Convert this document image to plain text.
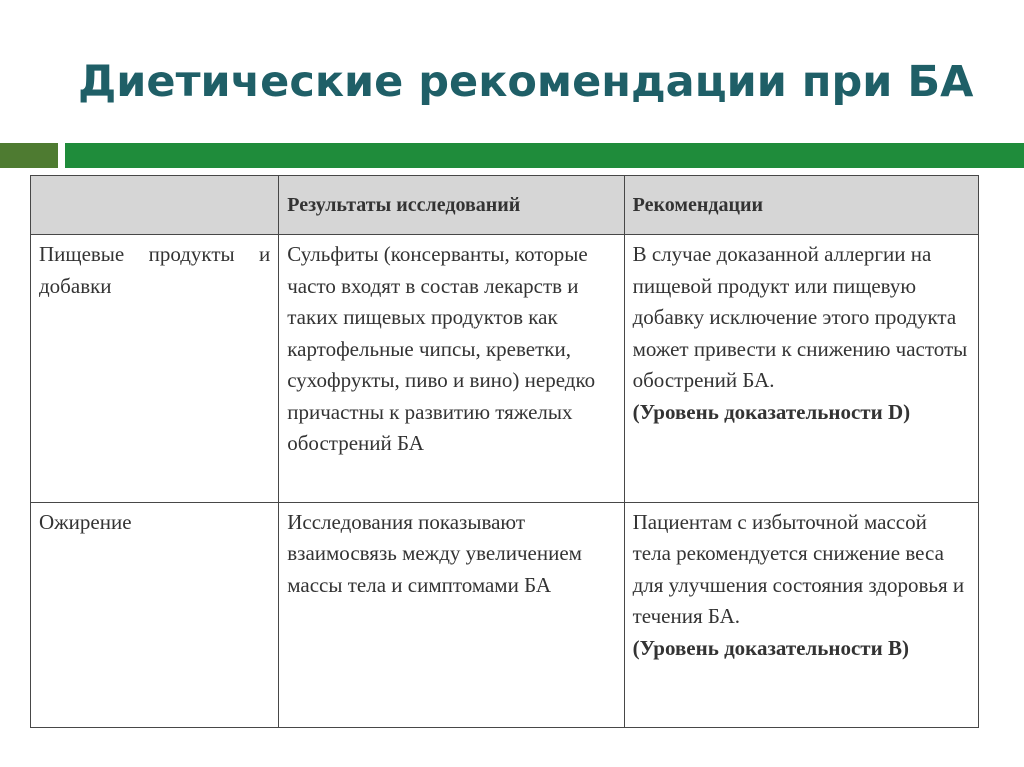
Диетические рекомендации при БА
	Результаты исследований	Рекомендации

Пищевые продукты и добавки	Сульфиты (консерванты, которые часто входят в состав лекарств и таких пищевых продуктов как картофельные чипсы, креветки, сухофрукты, пиво и вино) нередко причастны к развитию тяжелых обострений БА	В случае доказанной аллергии на пищевой продукт или пищевую добавку исключение этого продукта может привести к снижению частоты обострений БА.
(Уровень доказательности D)
Ожирение	Исследования показывают взаимосвязь между увеличением массы тела и симптомами БА	Пациентам с избыточной массой тела рекомендуется снижение веса для улучшения состояния здоровья и течения БА.
(Уровень доказательности B)
